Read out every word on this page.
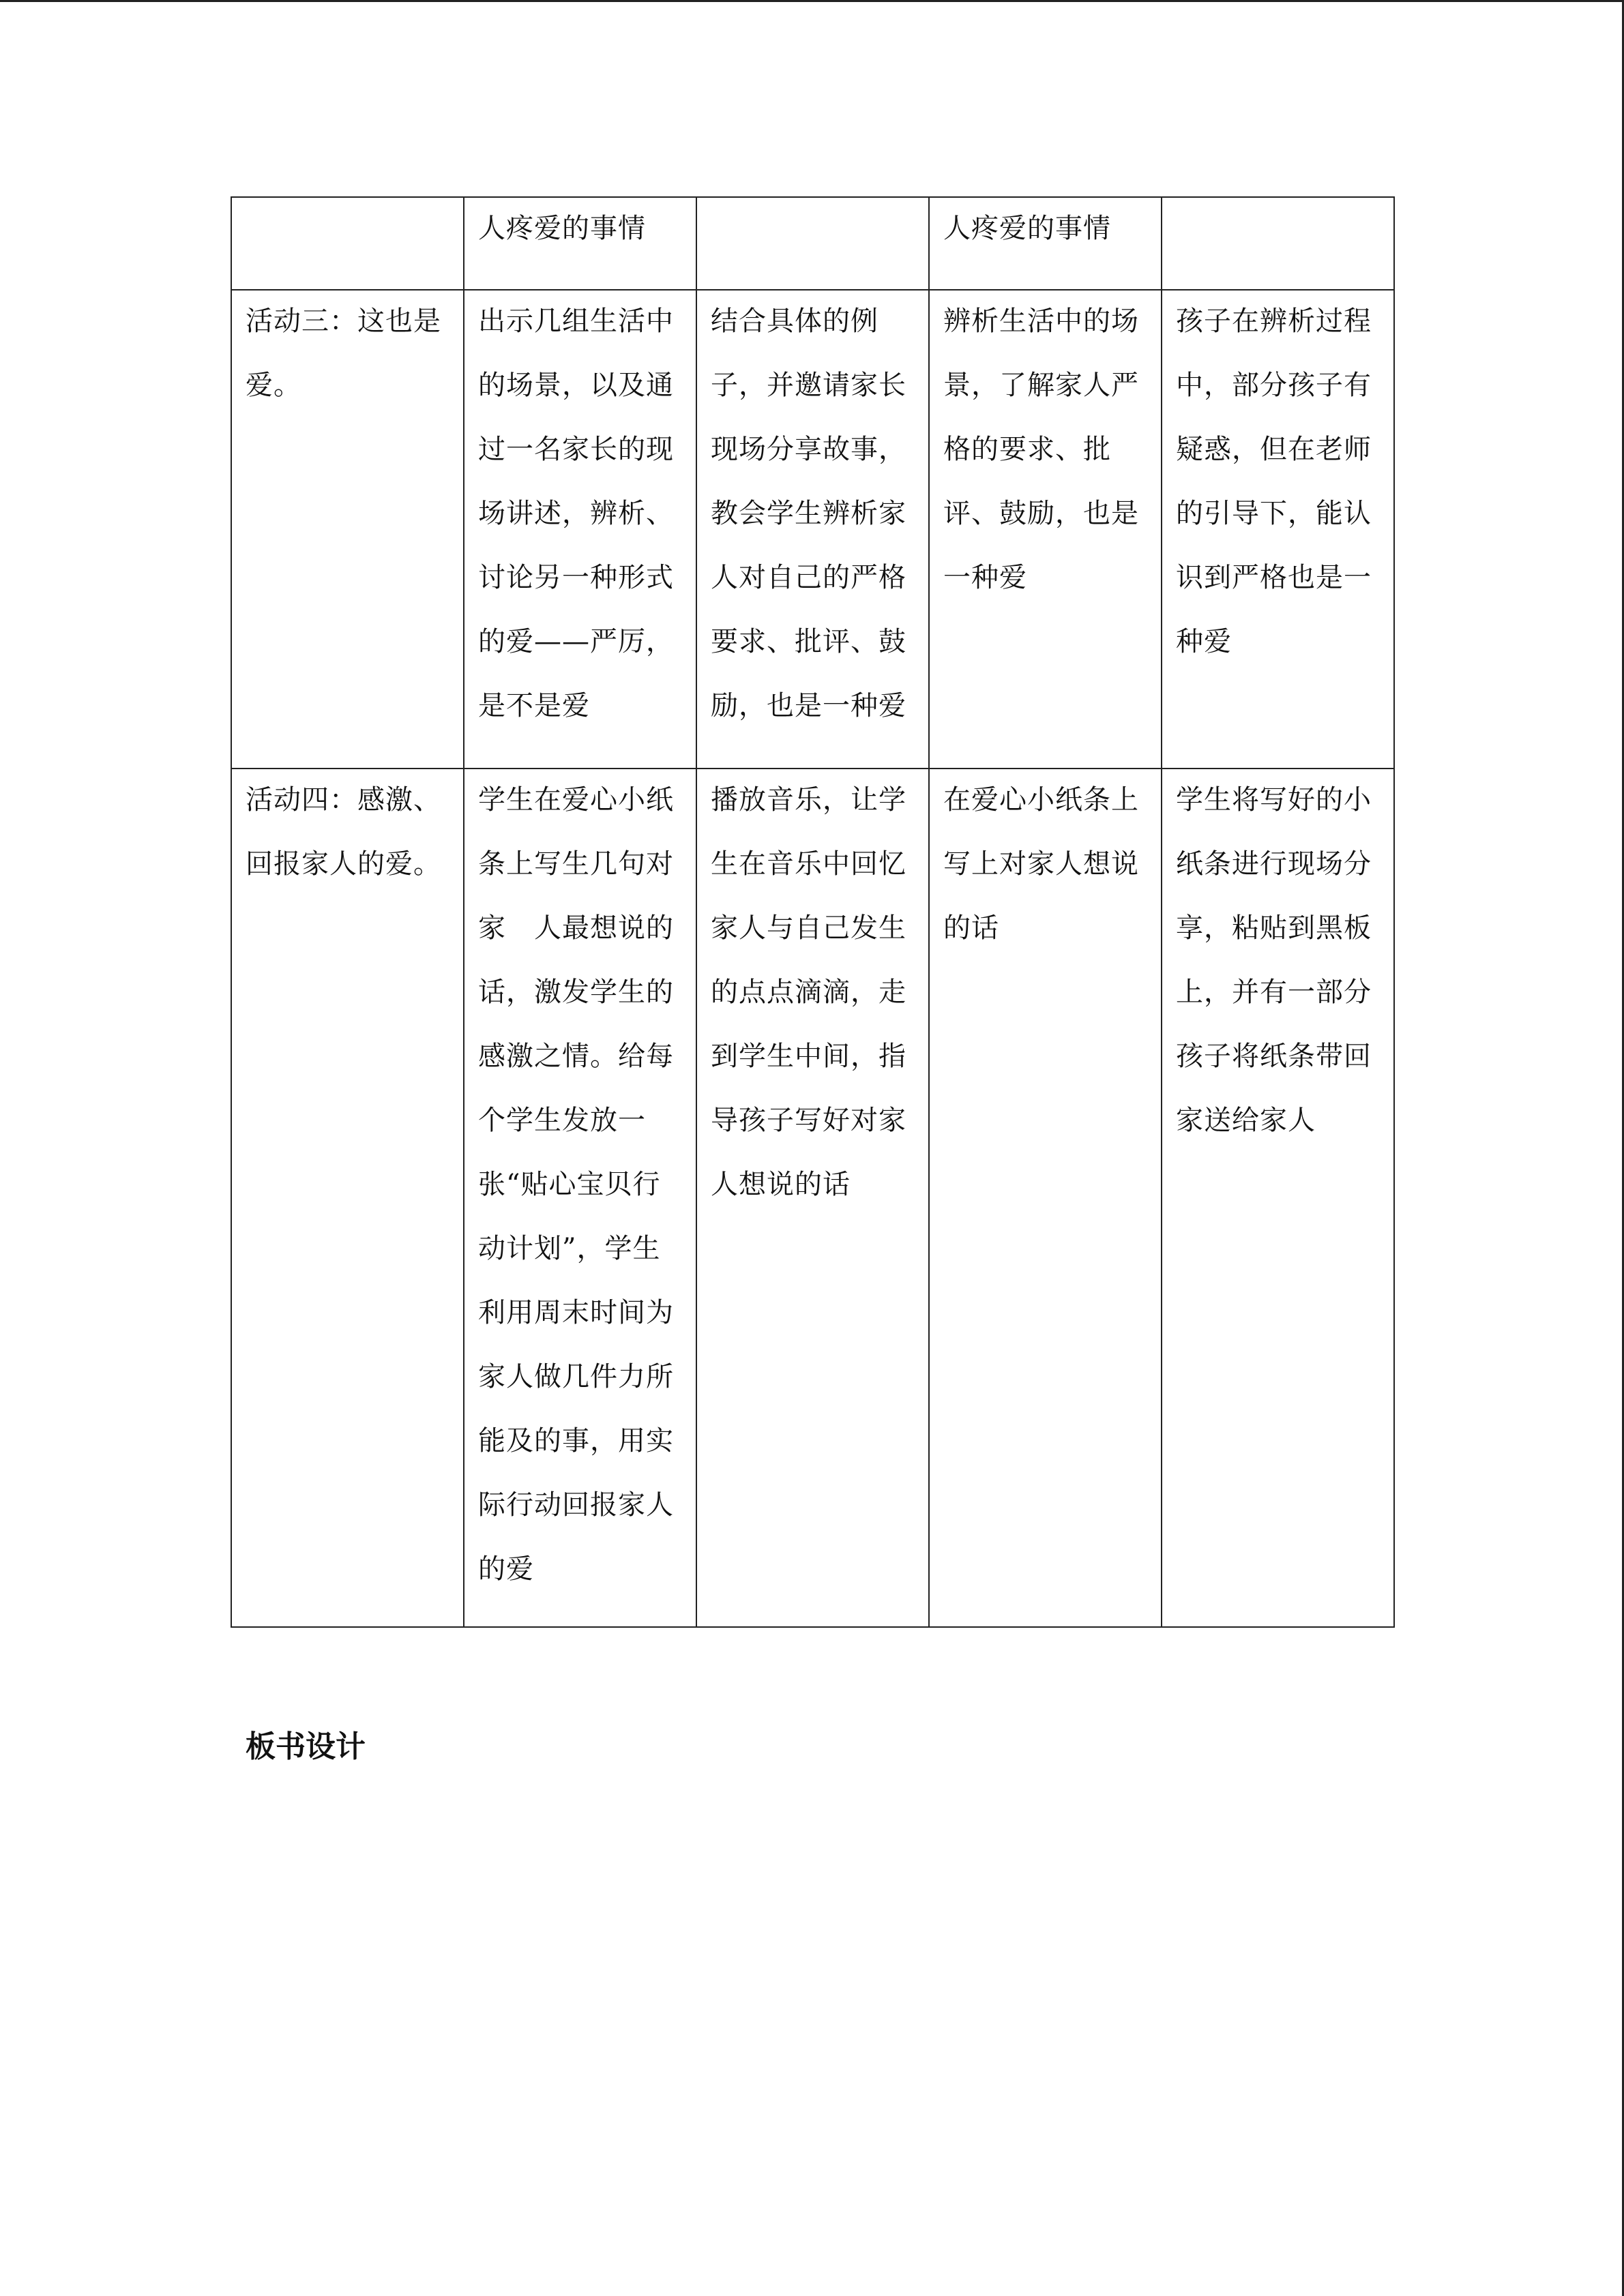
	人疼爱的事情		人疼爱的事情	

活动三：这也是爱。	出示几组生活中的场景，以及通过一名家长的现场讲述，辨析、讨论另一种形式的爱——严厉，是不是爱	结合具体的例子，并邀请家长现场分享故事，教会学生辨析家人对自己的严格要求、批评、鼓励，也是一种爱	辨析生活中的场景，了解家人严格的要求、批评、鼓励，也是一种爱	孩子在辨析过程中，部分孩子有疑惑，但在老师的引导下，能认识到严格也是一种爱

活动四：感激、回报家人的爱。	学生在爱心小纸条上写生几句对家　人最想说的话，激发学生的感激之情。给每个学生发放一张“贴心宝贝行动计划”，学生利用周末时间为家人做几件力所能及的事，用实际行动回报家人的爱	播放音乐，让学生在音乐中回忆家人与自己发生的点点滴滴，走到学生中间，指导孩子写好对家人想说的话	在爱心小纸条上写上对家人想说的话	学生将写好的小纸条进行现场分享，粘贴到黑板上，并有一部分孩子将纸条带回家送给家人
板书设计
